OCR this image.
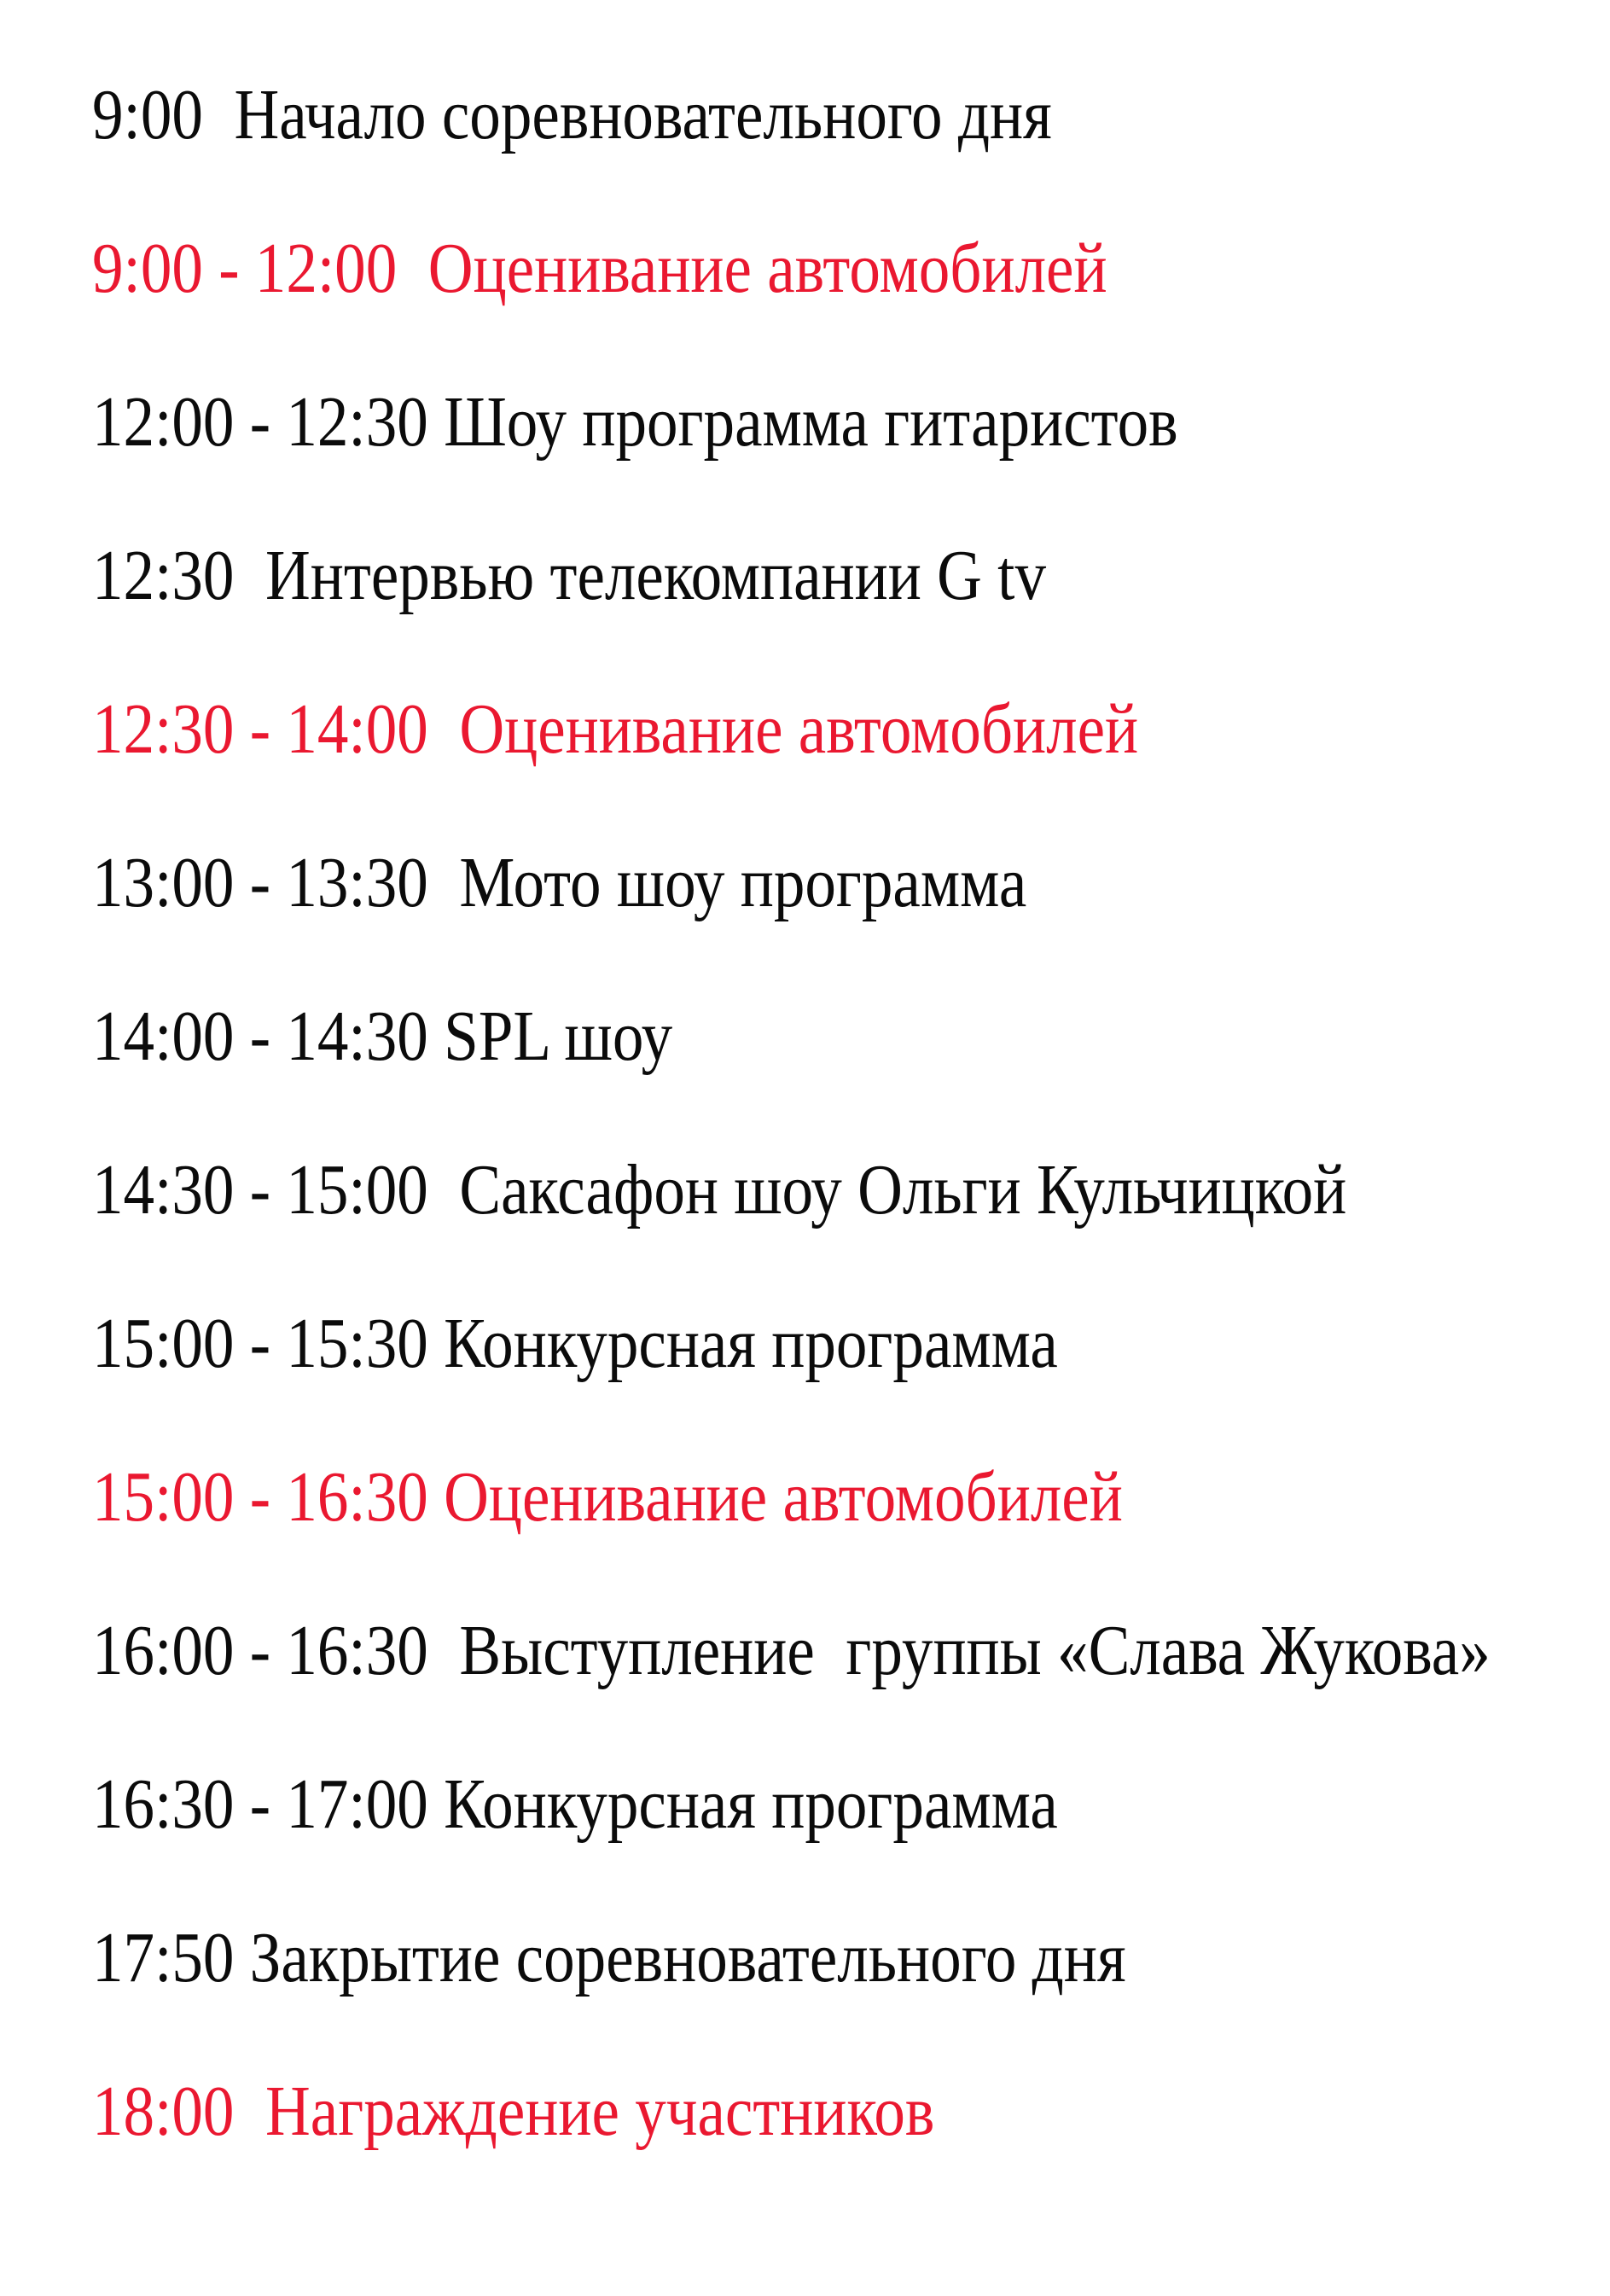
9:00  Начало соревновательного дня
9:00 - 12:00  Оценивание автомобилей
12:00 - 12:30 Шоу программа гитаристов
12:30  Интервью телекомпании G tv
12:30 - 14:00  Оценивание автомобилей
13:00 - 13:30  Мото шоу программа
14:00 - 14:30 SPL шоу
14:30 - 15:00  Саксафон шоу Ольги Кульчицкой
15:00 - 15:30 Конкурсная программа
15:00 - 16:30 Оценивание автомобилей
16:00 - 16:30  Выступление  группы «Слава Жукова»
16:30 - 17:00 Конкурсная программа
17:50 Закрытие соревновательного дня
18:00  Награждение участников
